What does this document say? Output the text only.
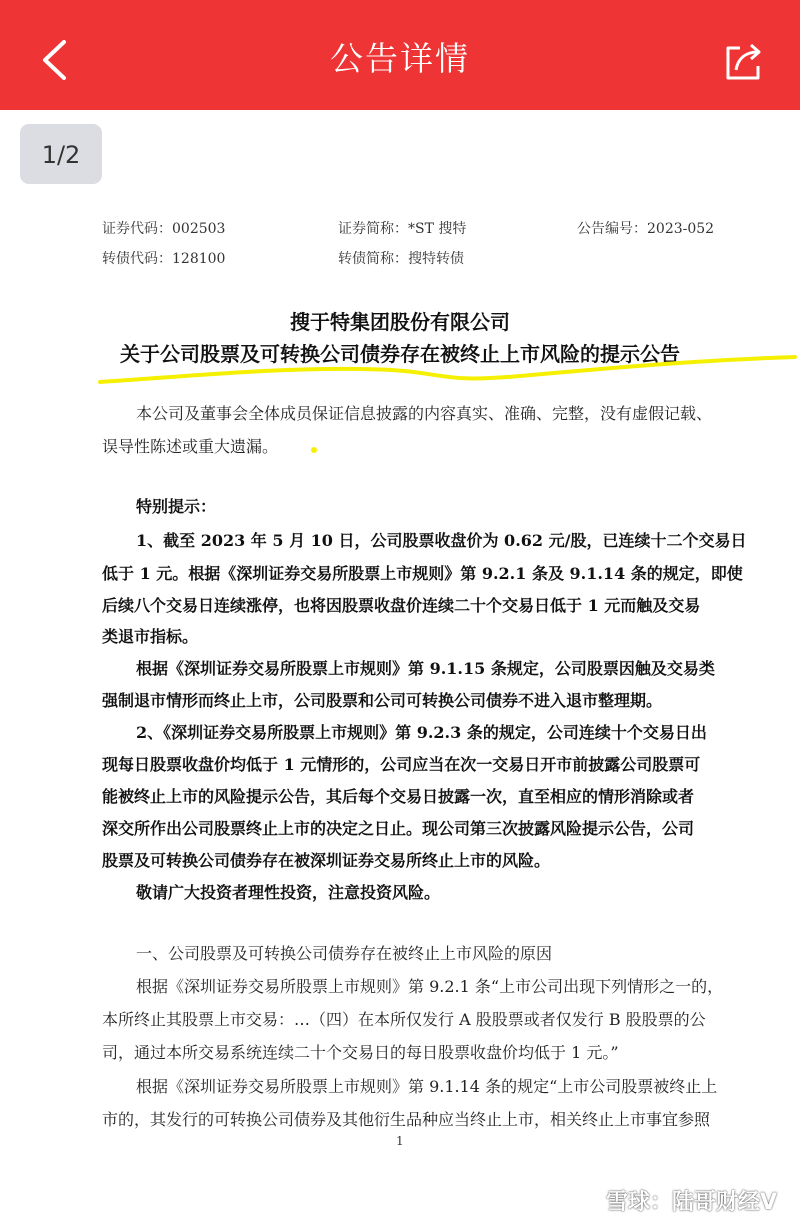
公告详情
1/2
证券代码：002503	证券简称：*ST 搜特	公告编号：2023-052
转债代码：128100	转债简称：搜特转债
搜于特集团股份有限公司
关于公司股票及可转换公司债券存在被终止上市风险的提示公告
本公司及董事会全体成员保证信息披露的内容真实、准确、完整，没有虚假记载、
误导性陈述或重大遗漏。
特别提示：
1、截至 2023 年 5 月 10 日，公司股票收盘价为 0.62 元/股，已连续十二个交易日
低于 1 元。根据《深圳证券交易所股票上市规则》第 9.2.1 条及 9.1.14 条的规定，即使
后续八个交易日连续涨停，也将因股票收盘价连续二十个交易日低于 1 元而触及交易
类退市指标。
根据《深圳证券交易所股票上市规则》第 9.1.15 条规定，公司股票因触及交易类
强制退市情形而终止上市，公司股票和公司可转换公司债券不进入退市整理期。
2、《深圳证券交易所股票上市规则》第 9.2.3 条的规定，公司连续十个交易日出
现每日股票收盘价均低于 1 元情形的，公司应当在次一交易日开市前披露公司股票可
能被终止上市的风险提示公告，其后每个交易日披露一次，直至相应的情形消除或者
深交所作出公司股票终止上市的决定之日止。现公司第三次披露风险提示公告，公司
股票及可转换公司债券存在被深圳证券交易所终止上市的风险。
敬请广大投资者理性投资，注意投资风险。
一、公司股票及可转换公司债券存在被终止上市风险的原因
根据《深圳证券交易所股票上市规则》第 9.2.1 条“上市公司出现下列情形之一的，
本所终止其股票上市交易：…（四）在本所仅发行 A 股股票或者仅发行 B 股股票的公
司，通过本所交易系统连续二十个交易日的每日股票收盘价均低于 1 元。”
根据《深圳证券交易所股票上市规则》第 9.1.14 条的规定“上市公司股票被终止上
市的，其发行的可转换公司债券及其他衍生品种应当终止上市，相关终止上市事宜参照
1
雪球：陆哥财经V
